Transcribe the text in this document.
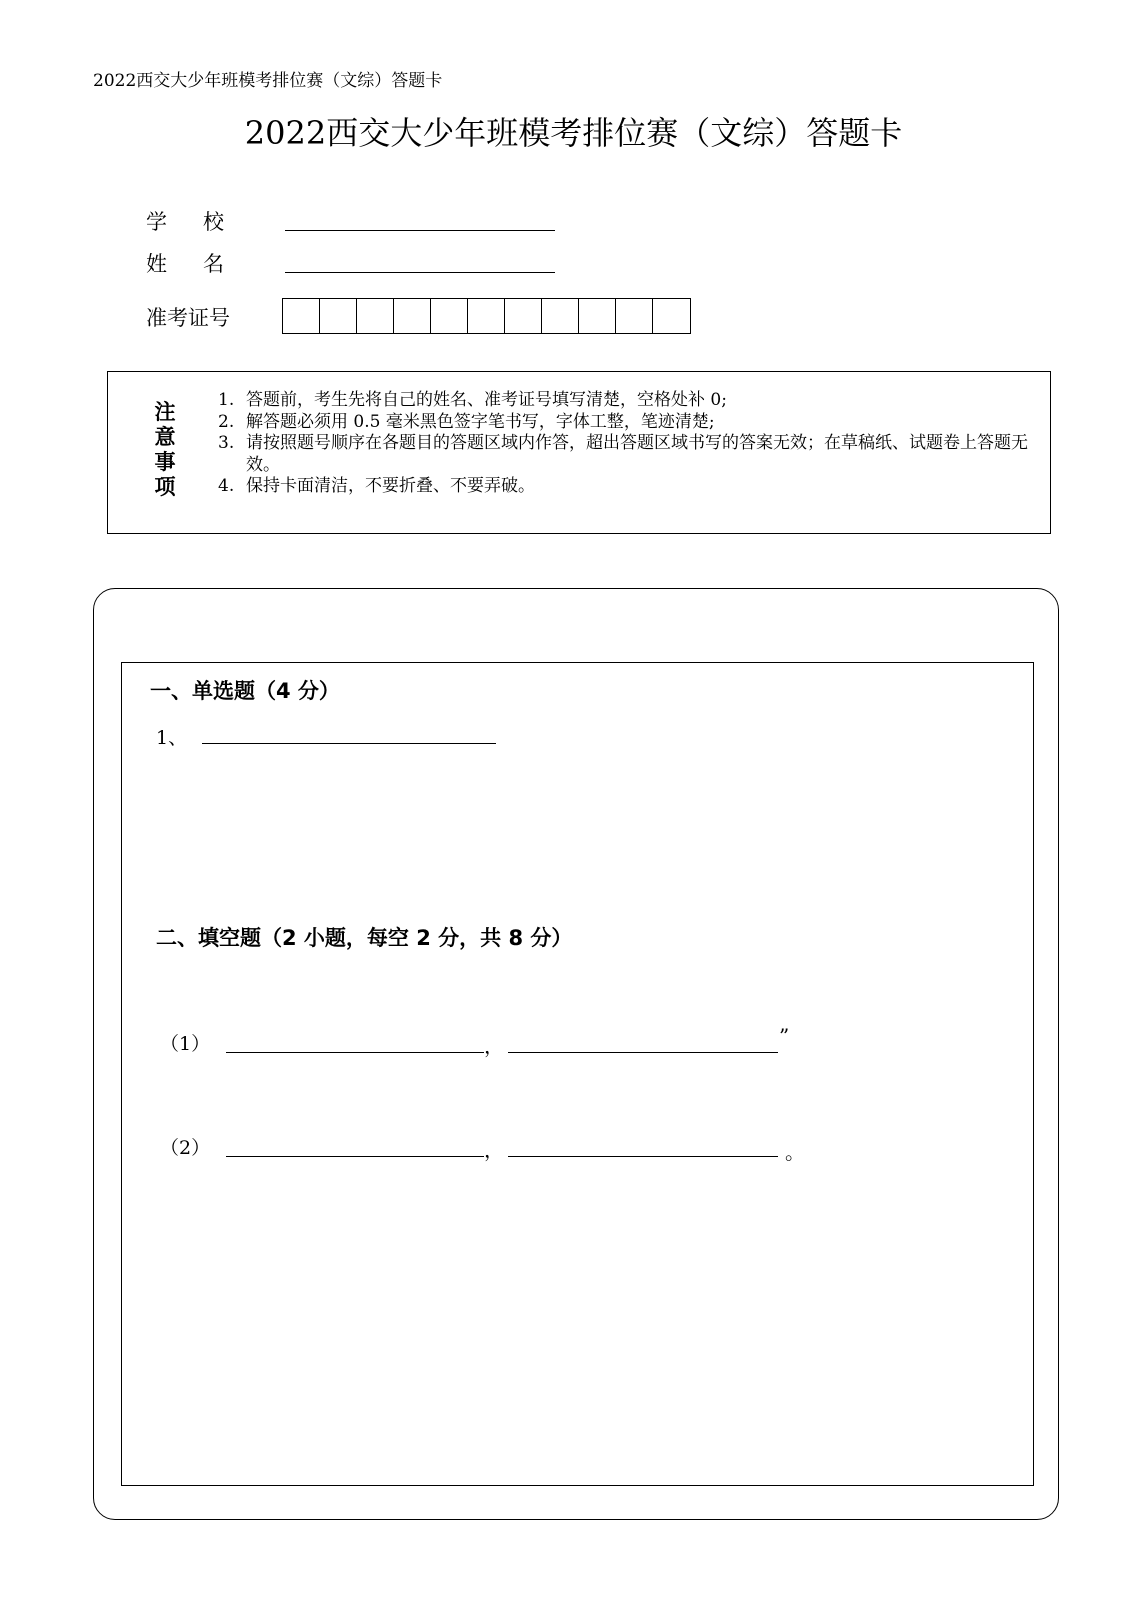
2022西交大少年班模考排位赛（文综）答题卡
2022西交大少年班模考排位赛（文综）答题卡
学校
姓名
准考证号
注意事项
1. 答题前，考生先将自己的姓名、准考证号填写清楚，空格处补 0;
2. 解答题必须用 0.5 毫米黑色签字笔书写，字体工整，笔迹清楚;
3. 请按照题号顺序在各题目的答题区域内作答，超出答题区域书写的答案无效；在草稿纸、试题卷上答题无效。
4. 保持卡面清洁，不要折叠、不要弄破。
一、单选题（4 分）
1、
二、填空题（2 小题，每空 2 分，共 8 分）
（1）	，	”
（2）	，	。
